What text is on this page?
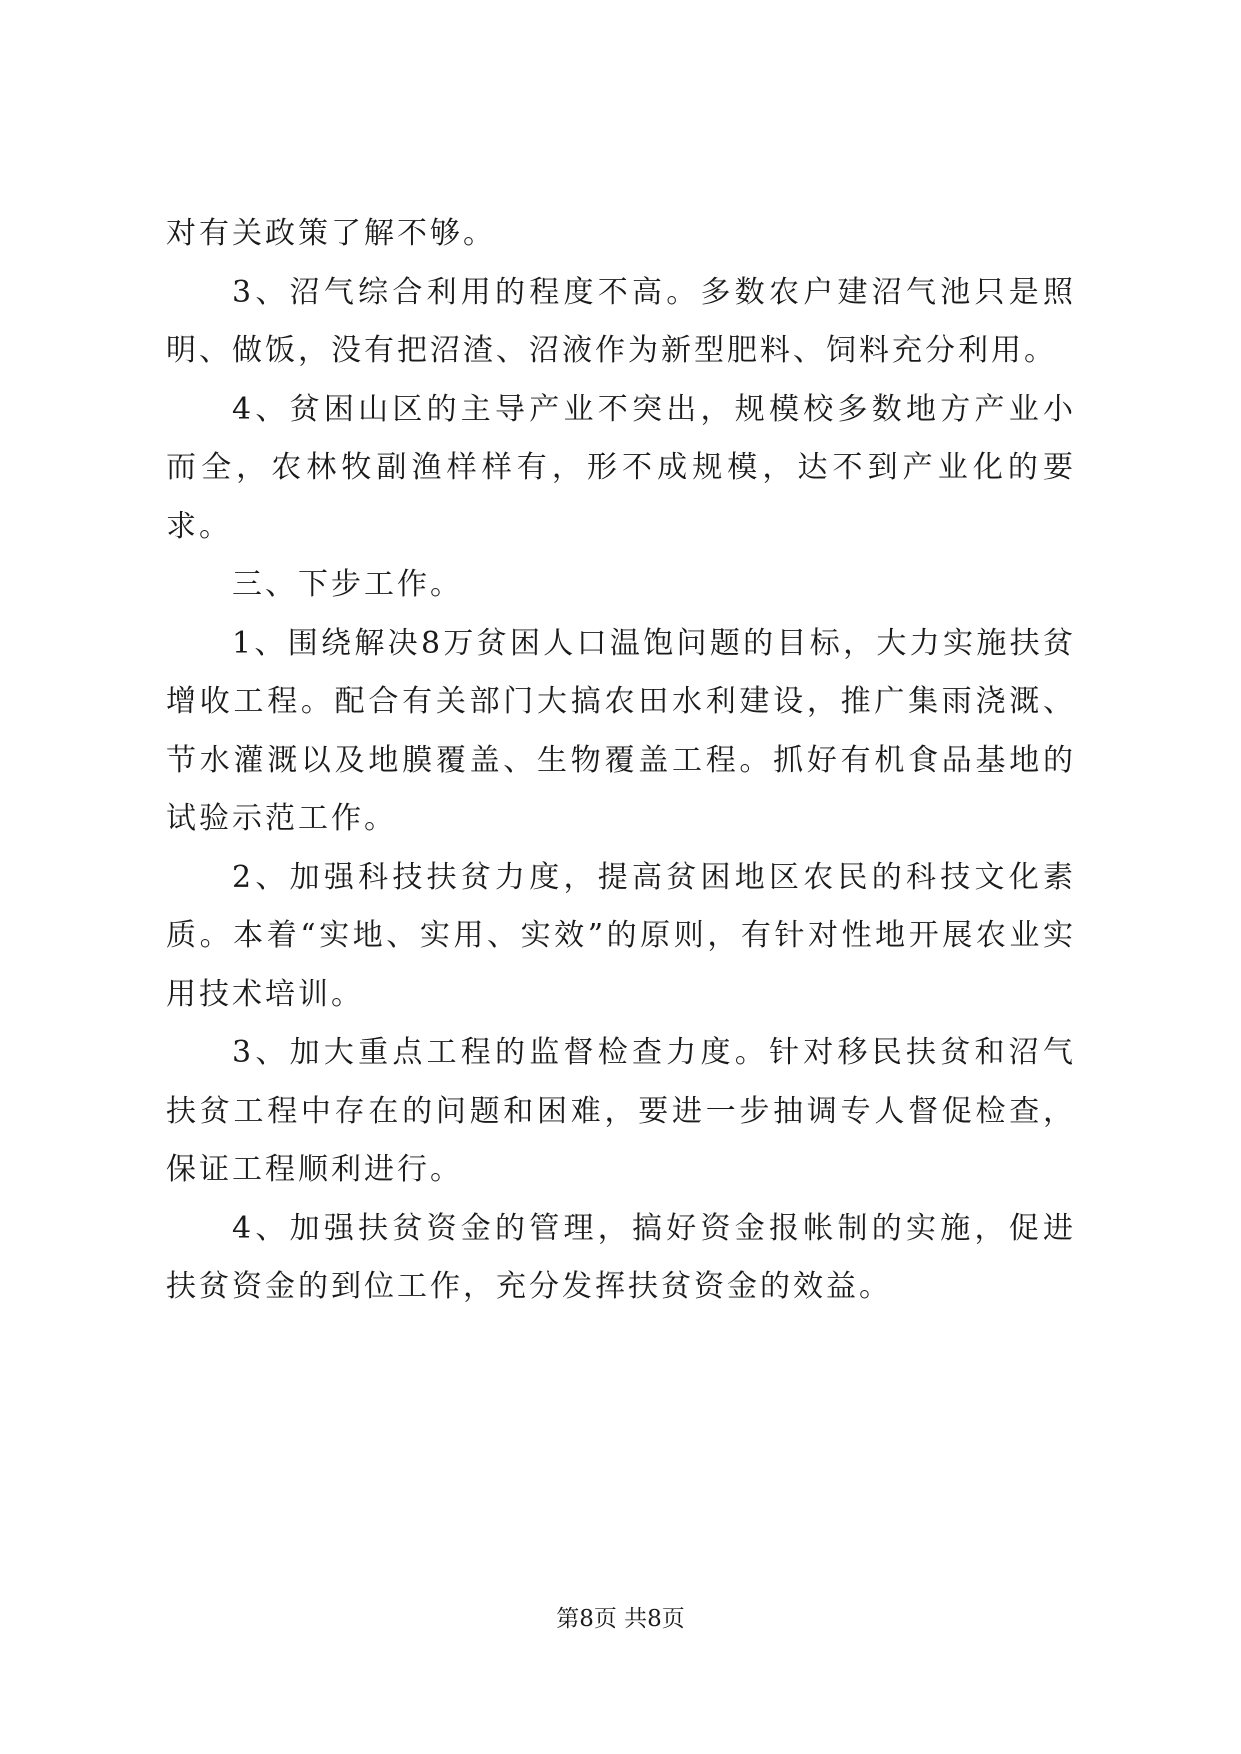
对有关政策了解不够。

3、沼气综合利用的程度不高。多数农户建沼气池只是照明、做饭，没有把沼渣、沼液作为新型肥料、饲料充分利用。

4、贫困山区的主导产业不突出，规模校多数地方产业小而全，农林牧副渔样样有，形不成规模，达不到产业化的要求。

三、下步工作。

1、围绕解决8万贫困人口温饱问题的目标，大力实施扶贫增收工程。配合有关部门大搞农田水利建设，推广集雨浇溉、节水灌溉以及地膜覆盖、生物覆盖工程。抓好有机食品基地的试验示范工作。

2、加强科技扶贫力度，提高贫困地区农民的科技文化素质。本着“实地、实用、实效”的原则，有针对性地开展农业实用技术培训。

3、加大重点工程的监督检查力度。针对移民扶贫和沼气扶贫工程中存在的问题和困难，要进一步抽调专人督促检查，保证工程顺利进行。

4、加强扶贫资金的管理，搞好资金报帐制的实施，促进扶贫资金的到位工作，充分发挥扶贫资金的效益。

第8页 共8页
